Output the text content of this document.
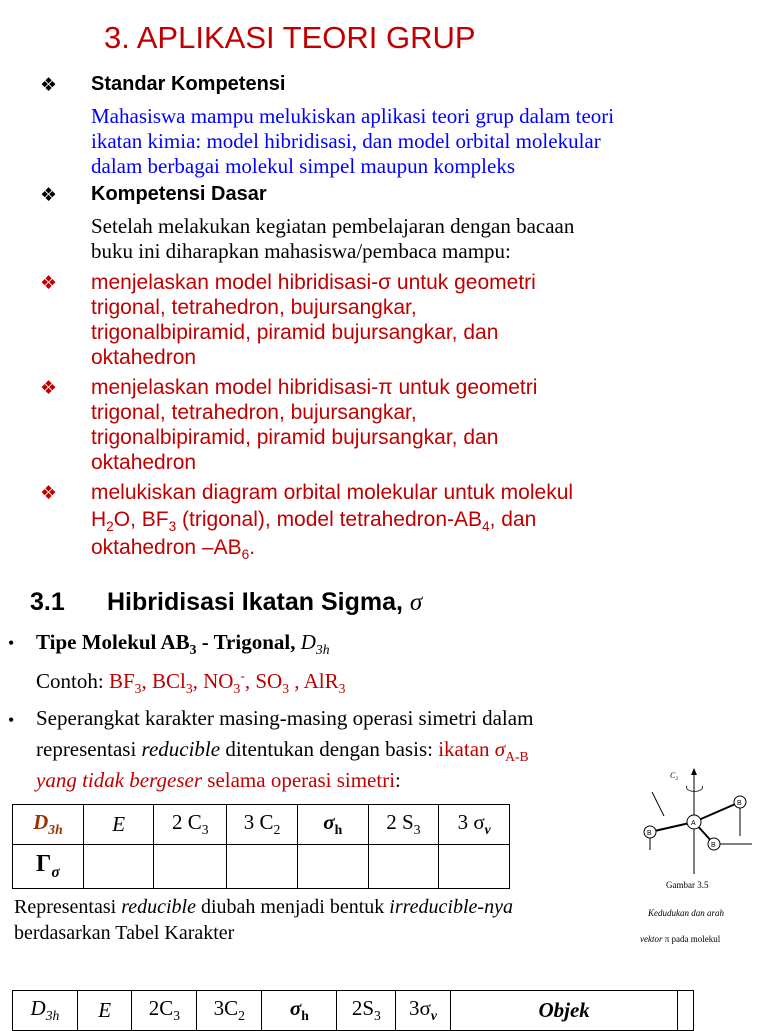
3. APLIKASI TEORI GRUP
❖ Standar Kompetensi
Mahasiswa mampu melukiskan aplikasi teori grup dalam teori
ikatan kimia: model hibridisasi, dan model orbital molekular
dalam berbagai molekul simpel maupun kompleks
❖ Kompetensi Dasar
Setelah melakukan kegiatan pembelajaran dengan bacaan
buku ini diharapkan mahasiswa/pembaca mampu:
❖ menjelaskan model hibridisasi-σ untuk geometri
trigonal, tetrahedron, bujursangkar,
trigonalbipiramid, piramid bujursangkar, dan
oktahedron
❖ menjelaskan model hibridisasi-π untuk geometri
trigonal, tetrahedron, bujursangkar,
trigonalbipiramid, piramid bujursangkar, dan
oktahedron
❖ melukiskan diagram orbital molekular untuk molekul
$H_2O$, $BF_3$ (trigonal), model tetrahedron-$AB_4$, dan
oktahedron $-AB_6$.
3.1 Hibridisasi Ikatan Sigma, σ
• Tipe Molekul $AB_3$ - Trigonal, $D_{3h}$
Contoh: $BF_3$, BCl$_3$, $NO_3^-$, $SO_3$ , AlR$_3$
• Seperangkat karakter masing-masing operasi simetri dalam
representasi reducible ditentukan dengan basis: ikatan $\sigma_{A-B}$
yang tidak bergeser selama operasi simetri:
$D_{3h}$	E	2 $C_3$	3 $C_2$	$\sigma_h$	2 $S_3$	3 $\sigma_v$
$\Gamma_\sigma$						
Representasi reducible diubah menjadi bentuk irreducible-nya
berdasarkan Tabel Karakter
A
B
B
B
$C_3$
Gambar 3.5
Kedudukan dan arah
vektor π pada molekul
$D_{3h}$	E	$2C_3$	$3C_2$	$\sigma_h$	$2S_3$	$3\sigma_v$	Objek	
